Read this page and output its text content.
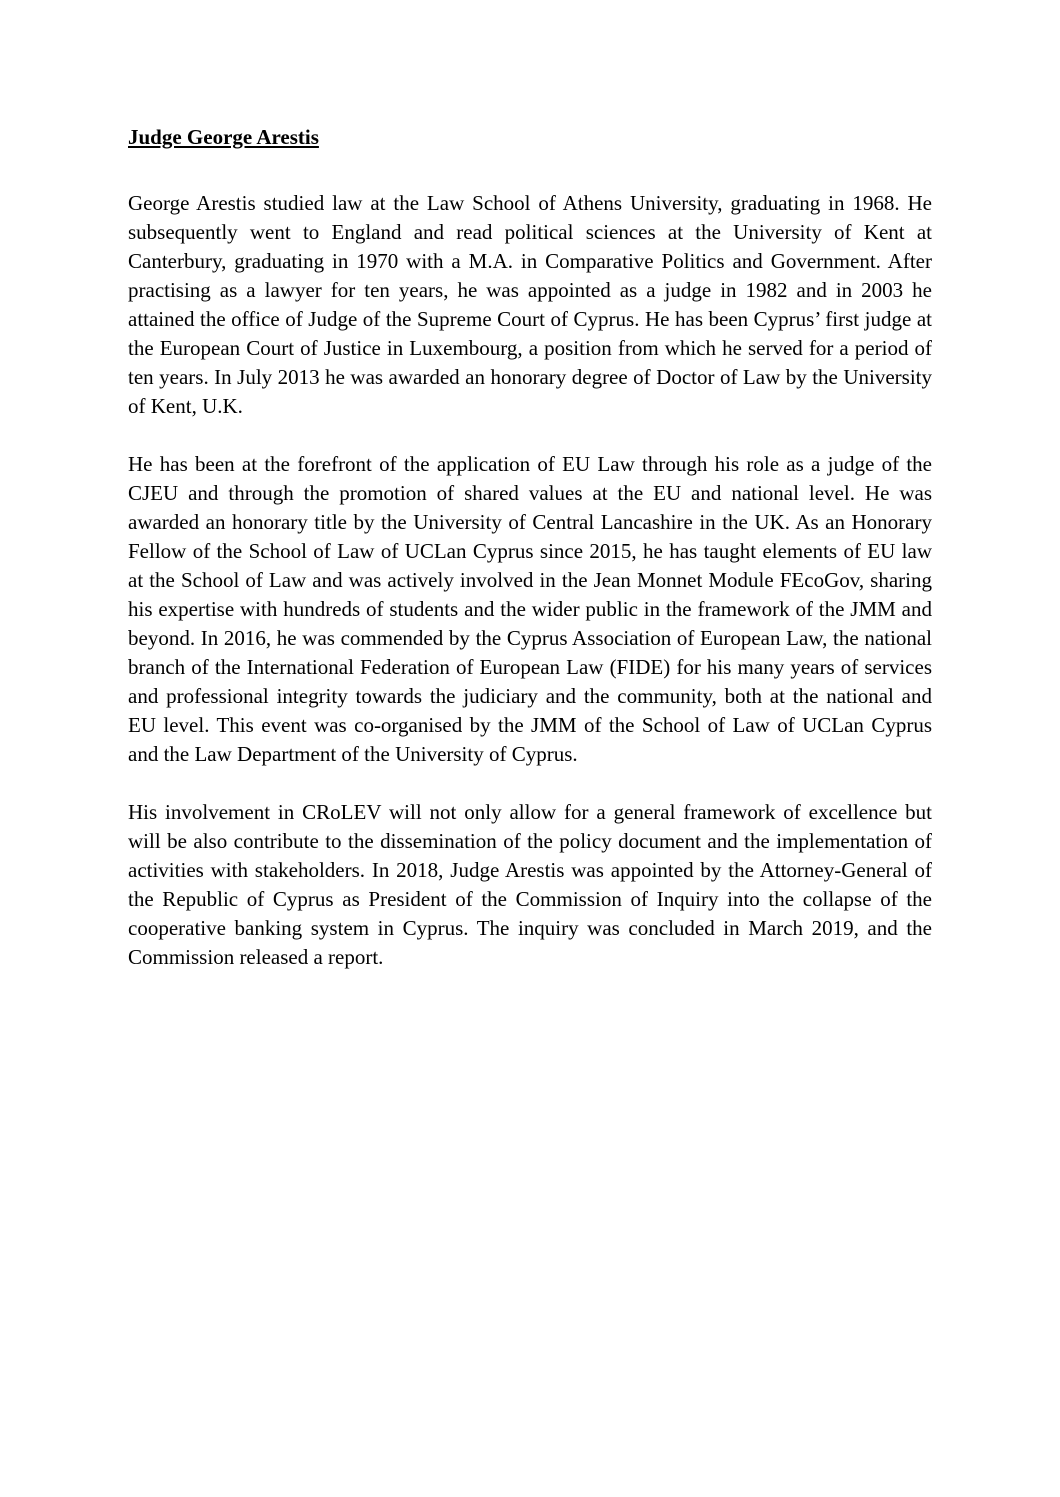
Judge George Arestis

George Arestis studied law at the Law School of Athens University, graduating in 1968. He subsequently went to England and read political sciences at the University of Kent at Canterbury, graduating in 1970 with a M.A. in Comparative Politics and Government. After practising as a lawyer for ten years, he was appointed as a judge in 1982 and in 2003 he attained the office of Judge of the Supreme Court of Cyprus. He has been Cyprus’ first judge at the European Court of Justice in Luxembourg, a position from which he served for a period of ten years. In July 2013 he was awarded an honorary degree of Doctor of Law by the University of Kent, U.K.

He has been at the forefront of the application of EU Law through his role as a judge of the CJEU and through the promotion of shared values at the EU and national level. He was awarded an honorary title by the University of Central Lancashire in the UK. As an Honorary Fellow of the School of Law of UCLan Cyprus since 2015, he has taught elements of EU law at the School of Law and was actively involved in the Jean Monnet Module FEcoGov, sharing his expertise with hundreds of students and the wider public in the framework of the JMM and beyond. In 2016, he was commended by the Cyprus Association of European Law, the national branch of the International Federation of European Law (FIDE) for his many years of services and professional integrity towards the judiciary and the community, both at the national and EU level. This event was co-organised by the JMM of the School of Law of UCLan Cyprus and the Law Department of the University of Cyprus.

His involvement in CRoLEV will not only allow for a general framework of excellence but will be also contribute to the dissemination of the policy document and the implementation of activities with stakeholders. In 2018, Judge Arestis was appointed by the Attorney-General of the Republic of Cyprus as President of the Commission of Inquiry into the collapse of the cooperative banking system in Cyprus. The inquiry was concluded in March 2019, and the Commission released a report.
